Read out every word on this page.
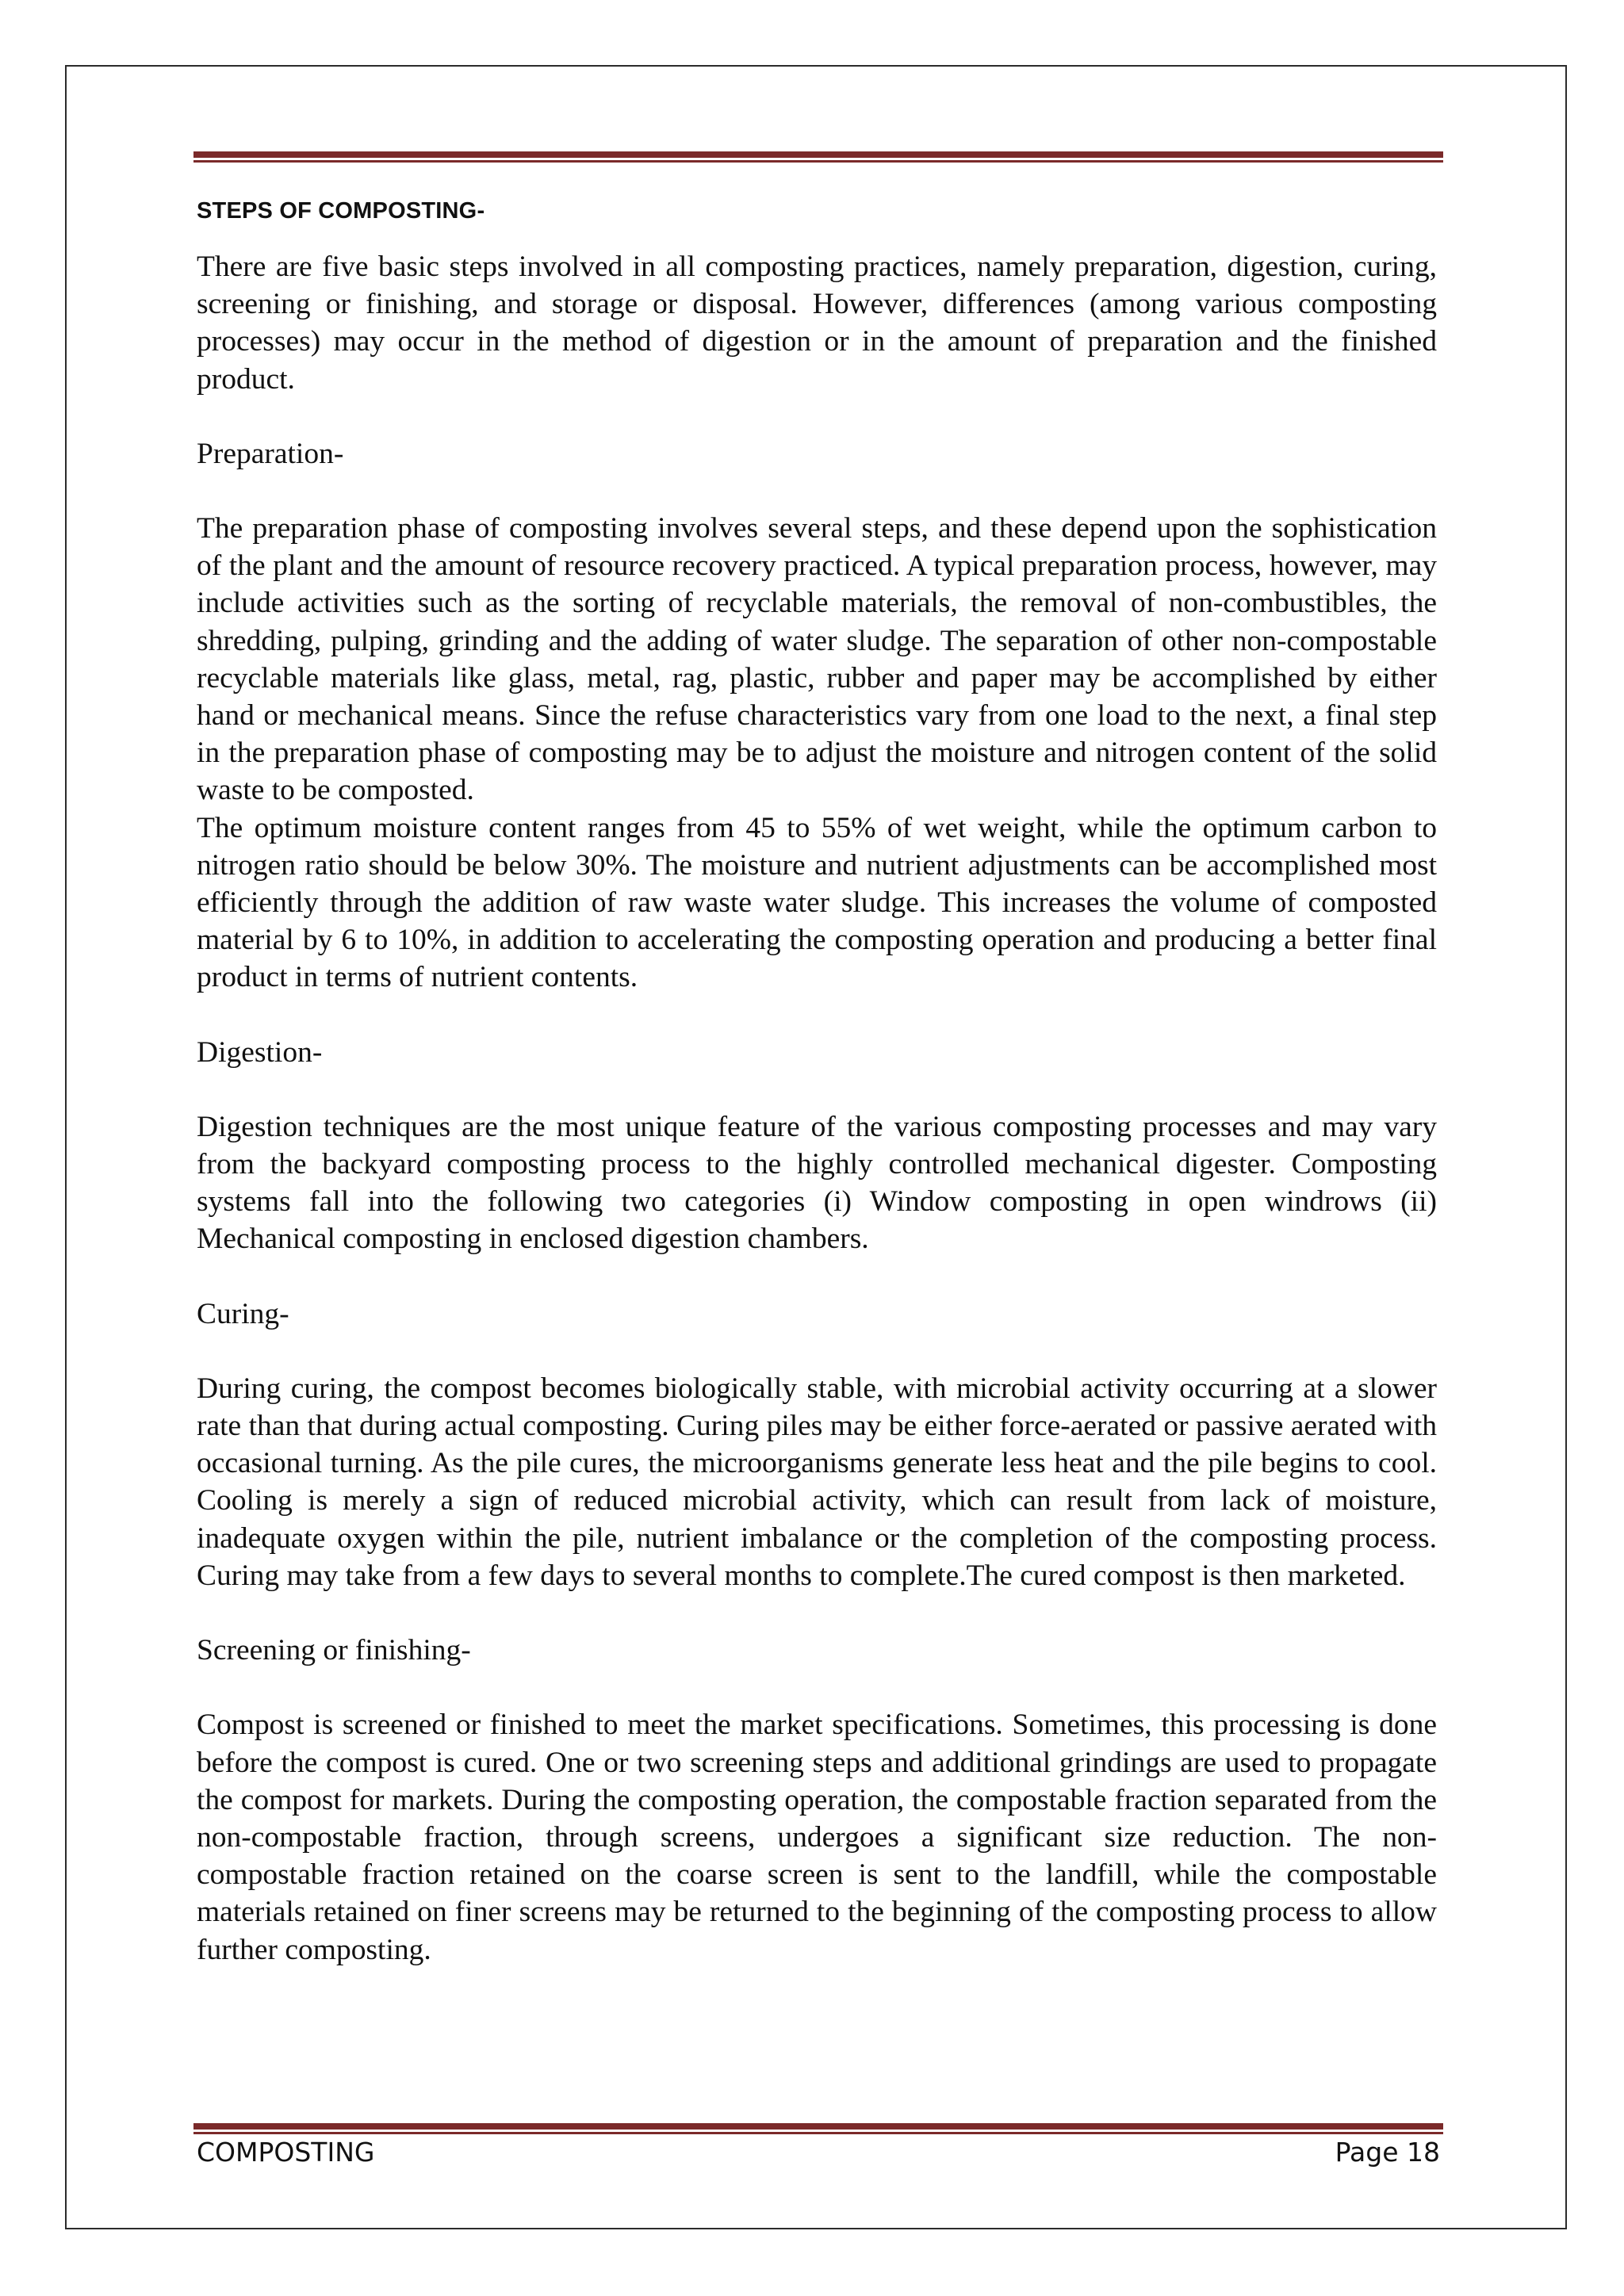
STEPS OF COMPOSTING-

There are five basic steps involved in all composting practices, namely preparation, digestion, curing, screening or finishing, and storage or disposal. However, differences (among various composting processes) may occur in the method of digestion or in the amount of preparation and the finished product.

Preparation-

The preparation phase of composting involves several steps, and these depend upon the sophistication of the plant and the amount of resource recovery practiced. A typical preparation process, however, may include activities such as the sorting of recyclable materials, the removal of non-combustibles, the shredding, pulping, grinding and the adding of water sludge. The separation of other non-compostable recyclable materials like glass, metal, rag, plastic, rubber and paper may be accomplished by either hand or mechanical means. Since the refuse characteristics vary from one load to the next, a final step in the preparation phase of composting may be to adjust the moisture and nitrogen content of the solid waste to be composted.

The optimum moisture content ranges from 45 to 55% of wet weight, while the optimum carbon to nitrogen ratio should be below 30%. The moisture and nutrient adjustments can be accomplished most efficiently through the addition of raw waste water sludge. This increases the volume of composted material by 6 to 10%, in addition to accelerating the composting operation and producing a better final product in terms of nutrient contents.

Digestion-

Digestion techniques are the most unique feature of the various composting processes and may vary from the backyard composting process to the highly controlled mechanical digester. Composting systems fall into the following two categories (i) Window composting in open windrows (ii) Mechanical composting in enclosed digestion chambers.

Curing-

During curing, the compost becomes biologically stable, with microbial activity occurring at a slower rate than that during actual composting. Curing piles may be either force-aerated or passive aerated with occasional turning. As the pile cures, the microorganisms generate less heat and the pile begins to cool. Cooling is merely a sign of reduced microbial activity, which can result from lack of moisture, inadequate oxygen within the pile, nutrient imbalance or the completion of the composting process. Curing may take from a few days to several months to complete.The cured compost is then marketed.

Screening or finishing-

Compost is screened or finished to meet the market specifications. Sometimes, this processing is done before the compost is cured. One or two screening steps and additional grindings are used to propagate the compost for markets. During the composting operation, the compostable fraction separated from the non-compostable fraction, through screens, undergoes a significant size reduction. The non-compostable fraction retained on the coarse screen is sent to the landfill, while the compostable materials retained on finer screens may be returned to the beginning of the composting process to allow further composting.

COMPOSTING	Page 18
